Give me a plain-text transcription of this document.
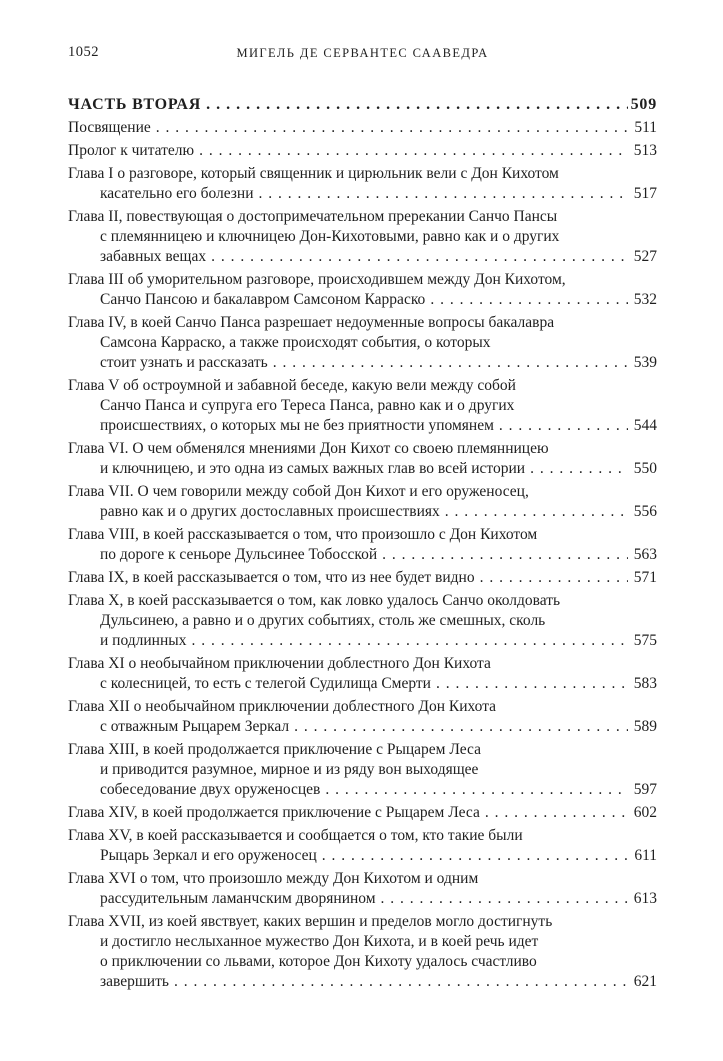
1052	МИГЕЛЬ ДЕ СЕРВАНТЕС СААВЕДРА
ЧАСТЬ ВТОРАЯ . . .	509
Посвящение . . .	511
Пролог к читателю . . .	513
Глава I о разговоре, который священник и цирюльник вели с Дон Кихотом
касательно его болезни . . .	517
Глава II, повествующая о достопримечательном пререкании Санчо Пансы
с племянницею и ключницею Дон-Кихотовыми, равно как и о других
забавных вещах . . .	527
Глава III об уморительном разговоре, происходившем между Дон Кихотом,
Санчо Пансою и бакалавром Самсоном Карраско . . .	532
Глава IV, в коей Санчо Панса разрешает недоуменные вопросы бакалавра
Самсона Карраско, а также происходят события, о которых
стоит узнать и рассказать . . .	539
Глава V об остроумной и забавной беседе, какую вели между собой
Санчо Панса и супруга его Тереса Панса, равно как и о других
происшествиях, о которых мы не без приятности упомянем . . .	544
Глава VI. О чем обменялся мнениями Дон Кихот со своею племянницею
и ключницею, и это одна из самых важных глав во всей истории . . .	550
Глава VII. О чем говорили между собой Дон Кихот и его оруженосец,
равно как и о других достославных происшествиях . . .	556
Глава VIII, в коей рассказывается о том, что произошло с Дон Кихотом
по дороге к сеньоре Дульсинее Тобосской . . .	563
Глава IX, в коей рассказывается о том, что из нее будет видно . . .	571
Глава X, в коей рассказывается о том, как ловко удалось Санчо околдовать
Дульсинею, а равно и о других событиях, столь же смешных, сколь
и подлинных . . .	575
Глава XI о необычайном приключении доблестного Дон Кихота
с колесницей, то есть с телегой Судилища Смерти . . .	583
Глава XII о необычайном приключении доблестного Дон Кихота
с отважным Рыцарем Зеркал . . .	589
Глава XIII, в коей продолжается приключение с Рыцарем Леса
и приводится разумное, мирное и из ряду вон выходящее
собеседование двух оруженосцев . . .	597
Глава XIV, в коей продолжается приключение с Рыцарем Леса . . .	602
Глава XV, в коей рассказывается и сообщается о том, кто такие были
Рыцарь Зеркал и его оруженосец . . .	611
Глава XVI о том, что произошло между Дон Кихотом и одним
рассудительным ламанчским дворянином . . .	613
Глава XVII, из коей явствует, каких вершин и пределов могло достигнуть
и достигло неслыханное мужество Дон Кихота, и в коей речь идет
о приключении со львами, которое Дон Кихоту удалось счастливо
завершить . . .	621
